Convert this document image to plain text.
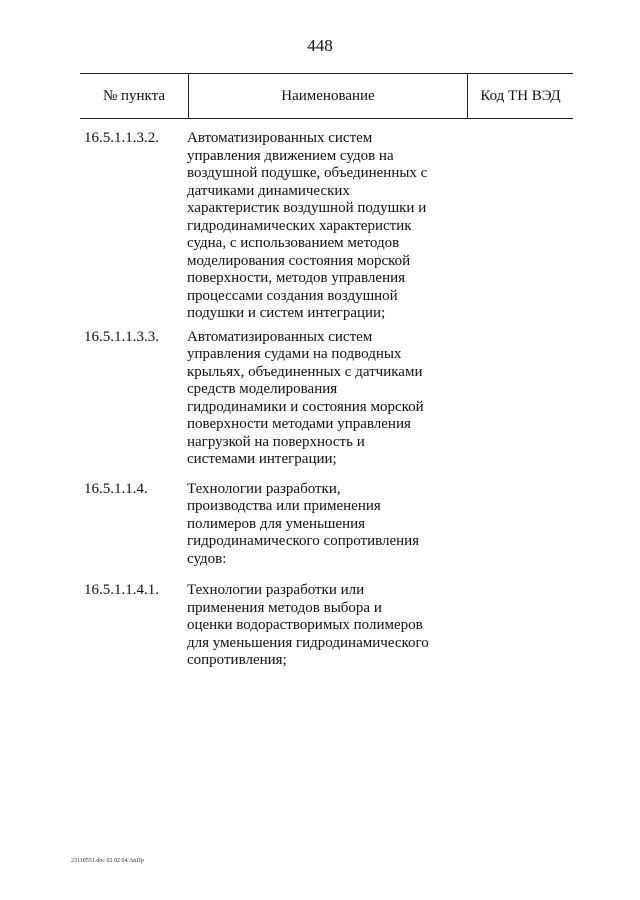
448
№ пункта	Наименование	Код ТН ВЭД
16.5.1.1.3.2.	Автоматизированных систем
управления движением судов на
воздушной подушке, объединенных с
датчиками динамических
характеристик воздушной подушки и
гидродинамических характеристик
судна, с использованием методов
моделирования состояния морской
поверхности, методов управления
процессами создания воздушной
подушки и систем интеграции;
16.5.1.1.3.3.	Автоматизированных систем
управления судами на подводных
крыльях, объединенных с датчиками
средств моделирования
гидродинамики и состояния морской
поверхности методами управления
нагрузкой на поверхность и
системами интеграции;
16.5.1.1.4.	Технологии разработки,
производства или применения
полимеров для уменьшения
гидродинамического сопротивления
судов:
16.5.1.1.4.1.	Технологии разработки или
применения методов выбора и
оценки водорастворимых полимеров
для уменьшения гидродинамического
сопротивления;
23110551.doc 02 02 04 АпПр
